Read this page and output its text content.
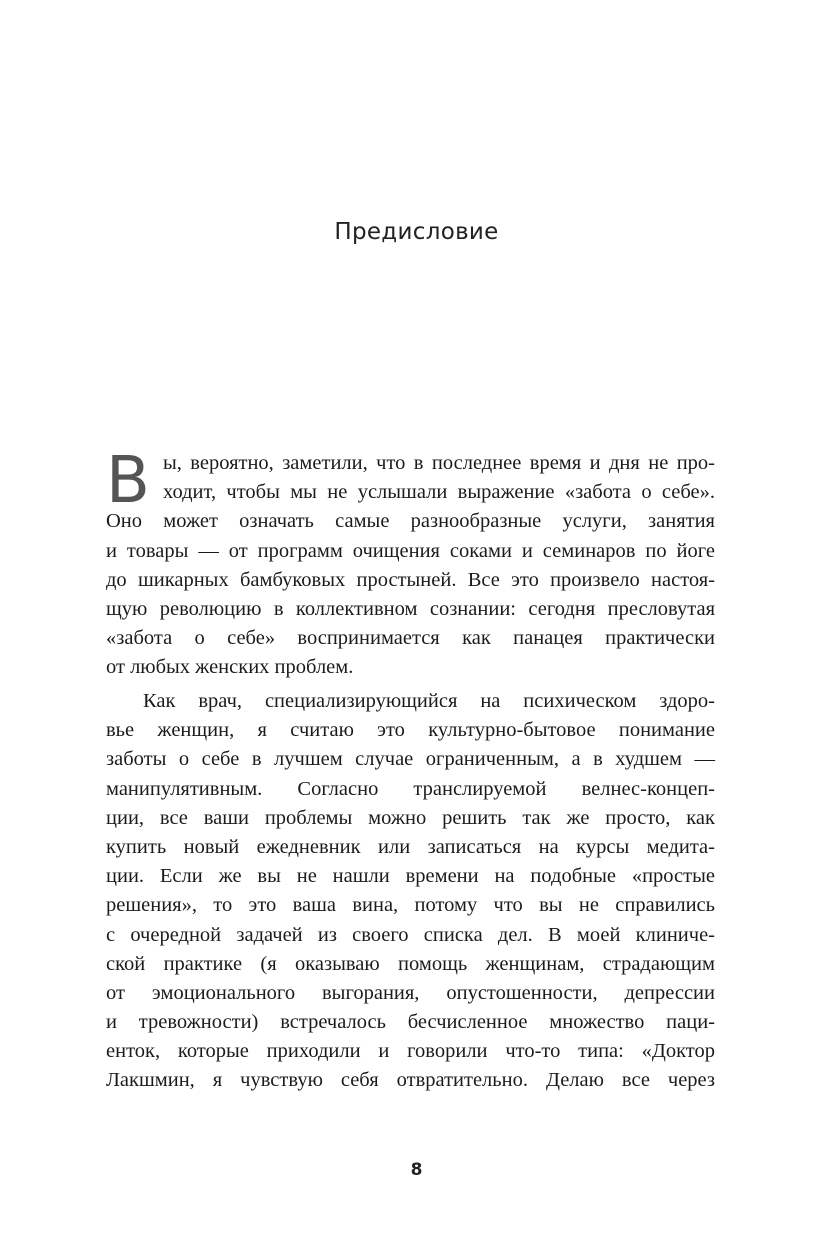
Предисловие
В ы, вероятно, заметили, что в последнее время и дня не про-
ходит, чтобы мы не услышали выражение «забота о себе».
Оно может означать самые разнообразные услуги, занятия
и товары — от программ очищения соками и семинаров по йоге
до шикарных бамбуковых простыней. Все это произвело настоя-
щую революцию в коллективном сознании: сегодня пресловутая
«забота о себе» воспринимается как панацея практически
от любых женских проблем.
Как врач, специализирующийся на психическом здоро-
вье женщин, я считаю это культурно-бытовое понимание
заботы о себе в лучшем случае ограниченным, а в худшем —
манипулятивным. Согласно транслируемой велнес-концеп-
ции, все ваши проблемы можно решить так же просто, как
купить новый ежедневник или записаться на курсы медита-
ции. Если же вы не нашли времени на подобные «простые
решения», то это ваша вина, потому что вы не справились
с очередной задачей из своего списка дел. В моей клиниче-
ской практике (я оказываю помощь женщинам, страдающим
от эмоционального выгорания, опустошенности, депрессии
и тревожности) встречалось бесчисленное множество паци-
енток, которые приходили и говорили что-то типа: «Доктор
Лакшмин, я чувствую себя отвратительно. Делаю все через
8
